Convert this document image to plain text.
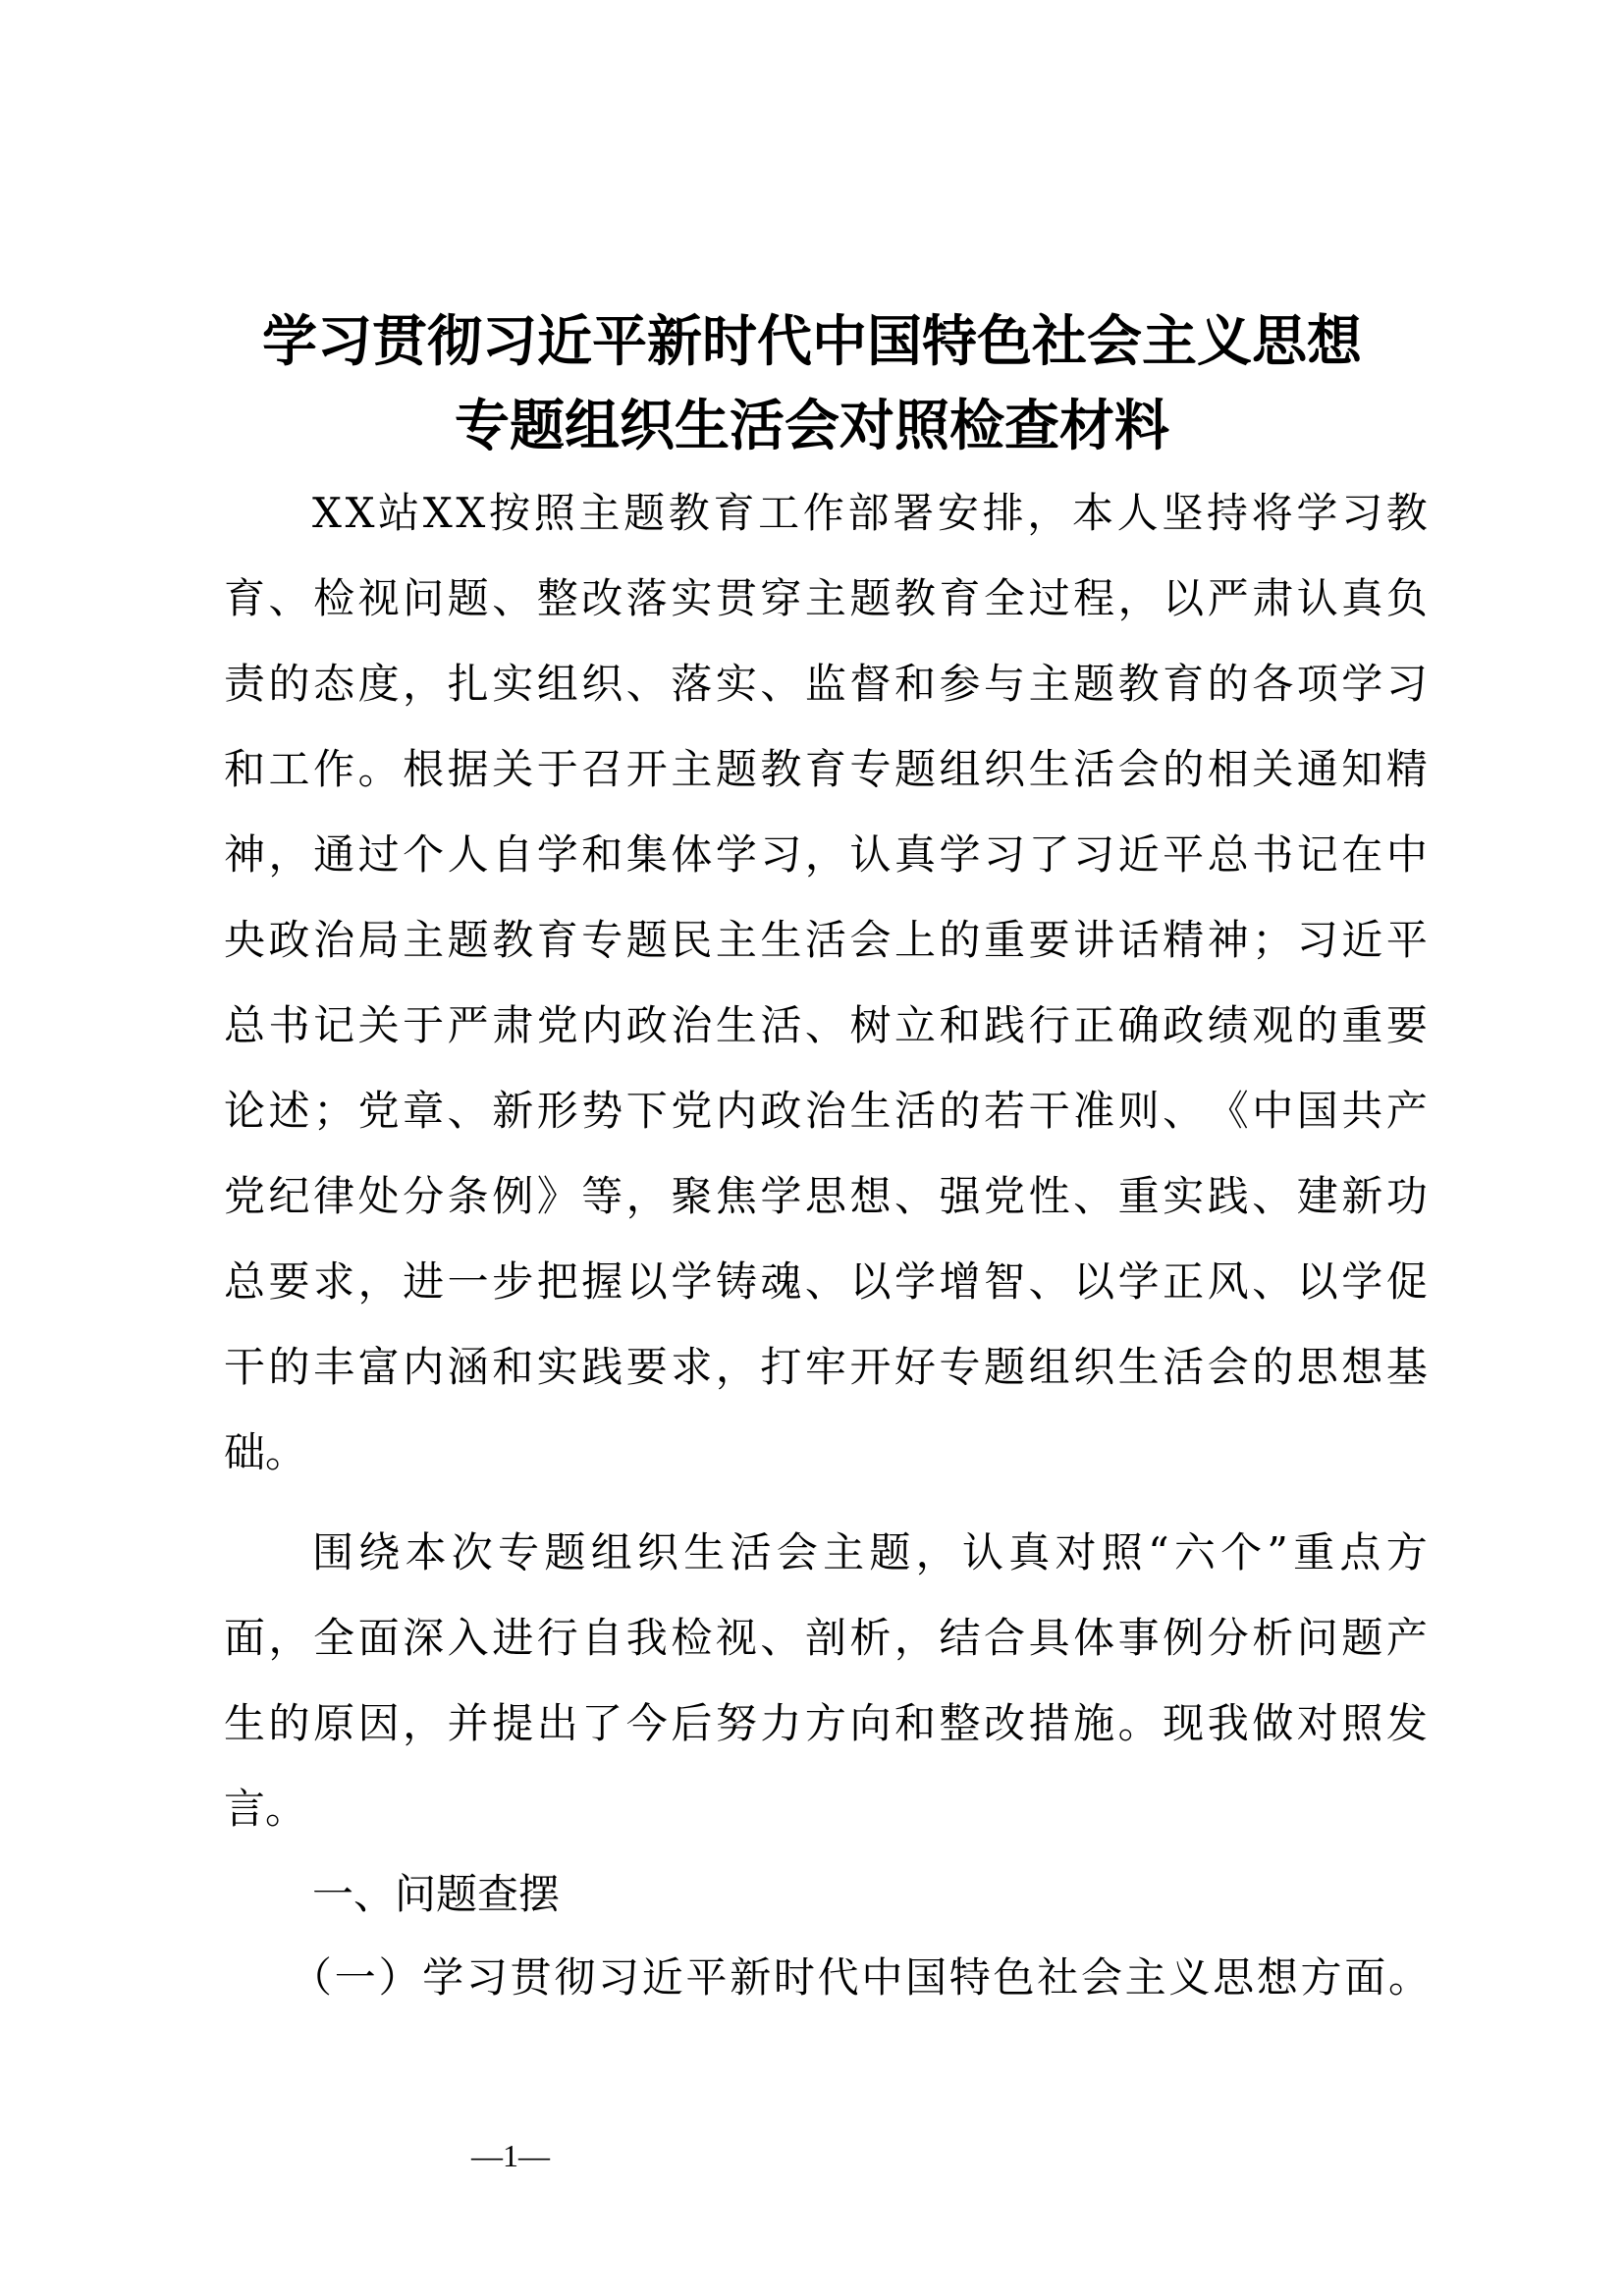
学习贯彻习近平新时代中国特色社会主义思想
专题组织生活会对照检查材料
X X 站 X X 按 照 主 题 教 育 工 作 部 署 安 排 ， 本 人 坚 持 将 学 习 教
育 、 检 视 问 题 、 整 改 落 实 贯 穿 主 题 教 育 全 过 程 ， 以 严 肃 认 真 负
责 的 态 度 ， 扎 实 组 织 、 落 实 、 监 督 和 参 与 主 题 教 育 的 各 项 学 习
和 工 作 。 根 据 关 于 召 开 主 题 教 育 专 题 组 织 生 活 会 的 相 关 通 知 精
神 ， 通 过 个 人 自 学 和 集 体 学 习 ， 认 真 学 习 了 习 近 平 总 书 记 在 中
央 政 治 局 主 题 教 育 专 题 民 主 生 活 会 上 的 重 要 讲 话 精 神 ； 习 近 平
总 书 记 关 于 严 肃 党 内 政 治 生 活 、 树 立 和 践 行 正 确 政 绩 观 的 重 要
论 述 ； 党 章 、 新 形 势 下 党 内 政 治 生 活 的 若 干 准 则 、 《 中 国 共 产
党 纪 律 处 分 条 例 》 等 ， 聚 焦 学 思 想 、 强 党 性 、 重 实 践 、 建 新 功
总 要 求 ， 进 一 步 把 握 以 学 铸 魂 、 以 学 增 智 、 以 学 正 风 、 以 学 促
干 的 丰 富 内 涵 和 实 践 要 求 ， 打 牢 开 好 专 题 组 织 生 活 会 的 思 想 基
础。
围 绕 本 次 专 题 组 织 生 活 会 主 题 ， 认 真 对 照 “ 六 个 ” 重 点 方
面 ， 全 面 深 入 进 行 自 我 检 视 、 剖 析 ， 结 合 具 体 事 例 分 析 问 题 产
生 的 原 因 ， 并 提 出 了 今 后 努 力 方 向 和 整 改 措 施 。 现 我 做 对 照 发
言。
一、问题查摆
（ 一 ） 学 习 贯 彻 习 近 平 新 时 代 中 国 特 色 社 会 主 义 思 想 方 面 。
—1—
